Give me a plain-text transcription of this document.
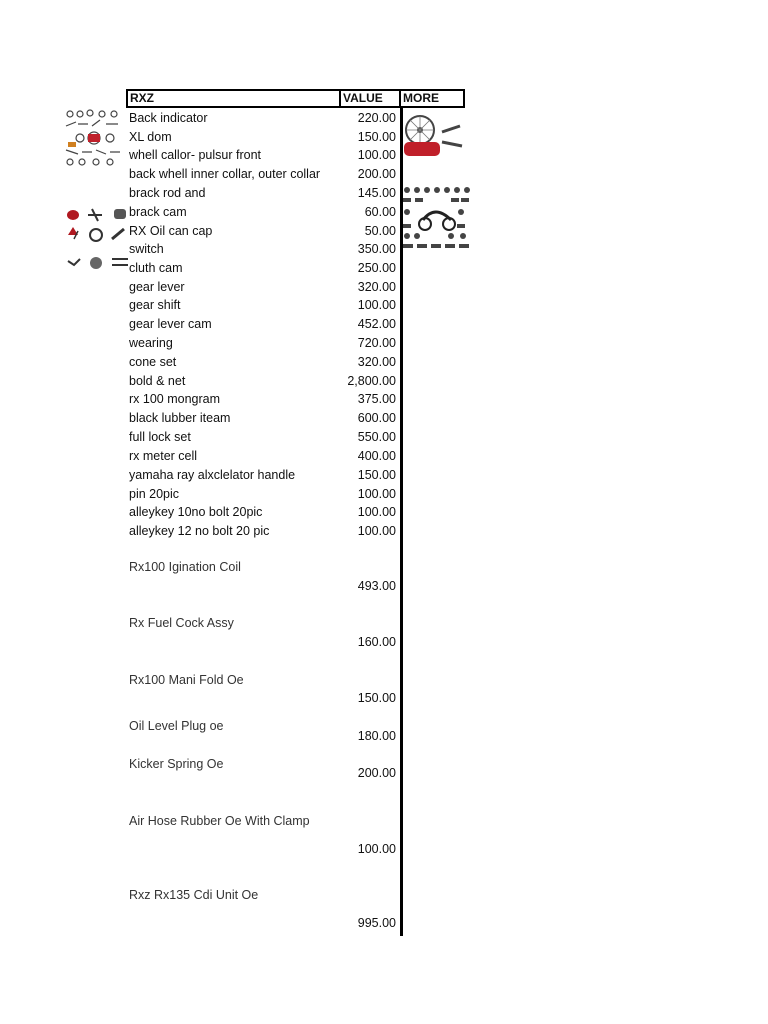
RXZ	VALUE	MORE
Back indicator	220.00
XL dom	150.00
whell callor- pulsur front	100.00
back whell inner collar, outer collar	200.00
brack rod and	145.00
brack cam	60.00
RX Oil can cap	50.00
switch	350.00
cluth cam	250.00
gear lever	320.00
gear shift	100.00
gear lever cam	452.00
wearing	720.00
cone set	320.00
bold & net	2,800.00
rx 100 mongram	375.00
black lubber iteam	600.00
full lock set	550.00
rx meter cell	400.00
yamaha ray alxclelator handle	150.00
pin 20pic	100.00
alleykey 10no bolt 20pic	100.00
alleykey 12 no bolt 20 pic	100.00
Rx100 Igination Coil
493.00
Rx Fuel Cock Assy
160.00
Rx100 Mani Fold Oe
150.00
Oil Level Plug oe
180.00
Kicker Spring Oe
200.00
Air Hose Rubber Oe With Clamp
100.00
Rxz Rx135 Cdi Unit Oe
995.00
